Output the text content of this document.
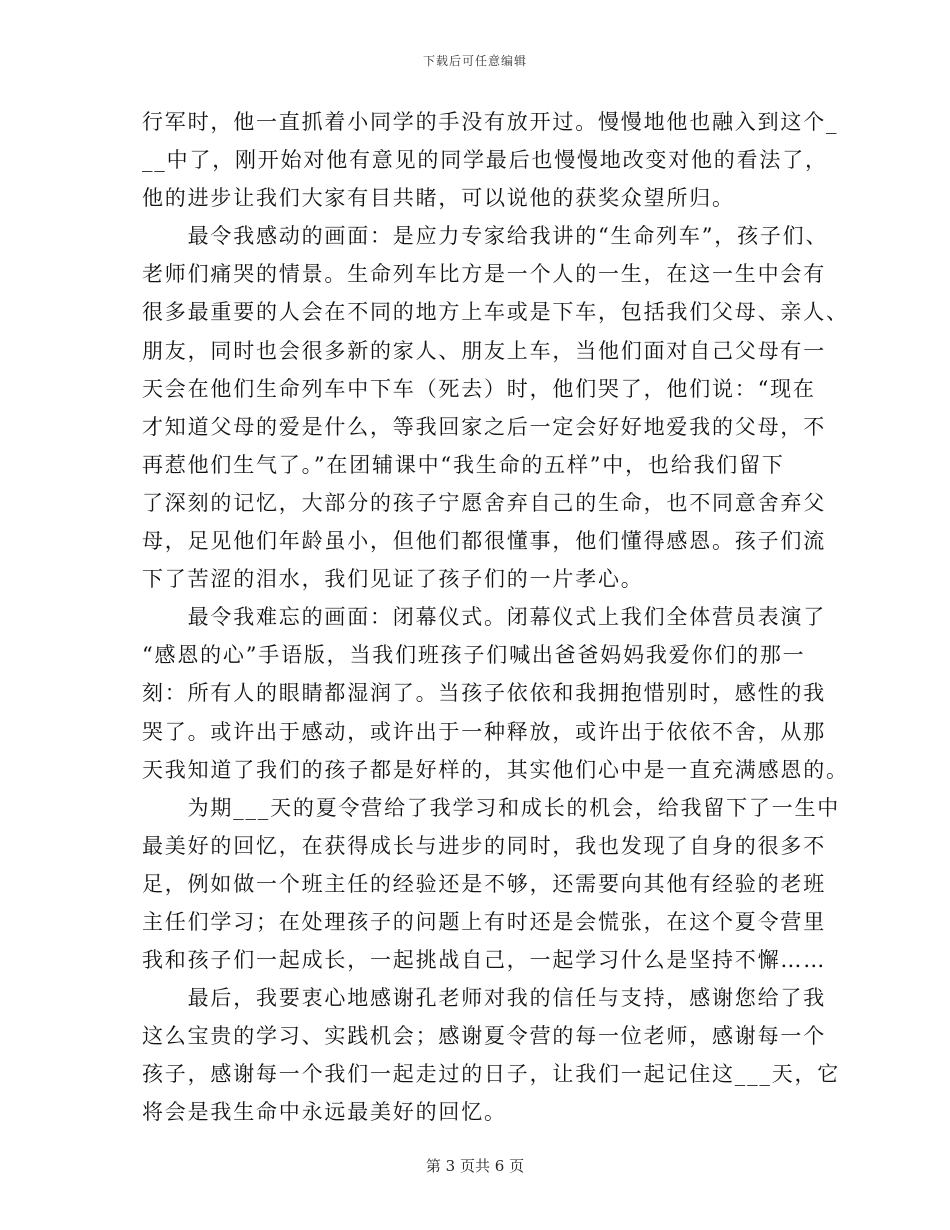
下载后可任意编辑
行军时，他一直抓着小同学的手没有放开过。慢慢地他也融入到这个_
__中了，刚开始对他有意见的同学最后也慢慢地改变对他的看法了，
他的进步让我们大家有目共睹，可以说他的获奖众望所归。
　　最令我感动的画面：是应力专家给我讲的“生命列车”，孩子们、
老师们痛哭的情景。生命列车比方是一个人的一生，在这一生中会有
很多最重要的人会在不同的地方上车或是下车，包括我们父母、亲人、
朋友，同时也会很多新的家人、朋友上车，当他们面对自己父母有一
天会在他们生命列车中下车（死去）时，他们哭了，他们说：“现在
才知道父母的爱是什么，等我回家之后一定会好好地爱我的父母，不
再惹他们生气了。”在团辅课中“我生命的五样”中，也给我们留下
了深刻的记忆，大部分的孩子宁愿舍弃自己的生命，也不同意舍弃父
母，足见他们年龄虽小，但他们都很懂事，他们懂得感恩。孩子们流
下了苦涩的泪水，我们见证了孩子们的一片孝心。
　　最令我难忘的画面：闭幕仪式。闭幕仪式上我们全体营员表演了
“感恩的心”手语版，当我们班孩子们喊出爸爸妈妈我爱你们的那一
刻：所有人的眼睛都湿润了。当孩子依依和我拥抱惜别时，感性的我
哭了。或许出于感动，或许出于一种释放，或许出于依依不舍，从那
天我知道了我们的孩子都是好样的，其实他们心中是一直充满感恩的。
　　为期___天的夏令营给了我学习和成长的机会，给我留下了一生中
最美好的回忆，在获得成长与进步的同时，我也发现了自身的很多不
足，例如做一个班主任的经验还是不够，还需要向其他有经验的老班
主任们学习；在处理孩子的问题上有时还是会慌张，在这个夏令营里
我和孩子们一起成长，一起挑战自己，一起学习什么是坚持不懈……
　　最后，我要衷心地感谢孔老师对我的信任与支持，感谢您给了我
这么宝贵的学习、实践机会；感谢夏令营的每一位老师，感谢每一个
孩子，感谢每一个我们一起走过的日子，让我们一起记住这___天，它
将会是我生命中永远最美好的回忆。
第 3 页共 6 页
